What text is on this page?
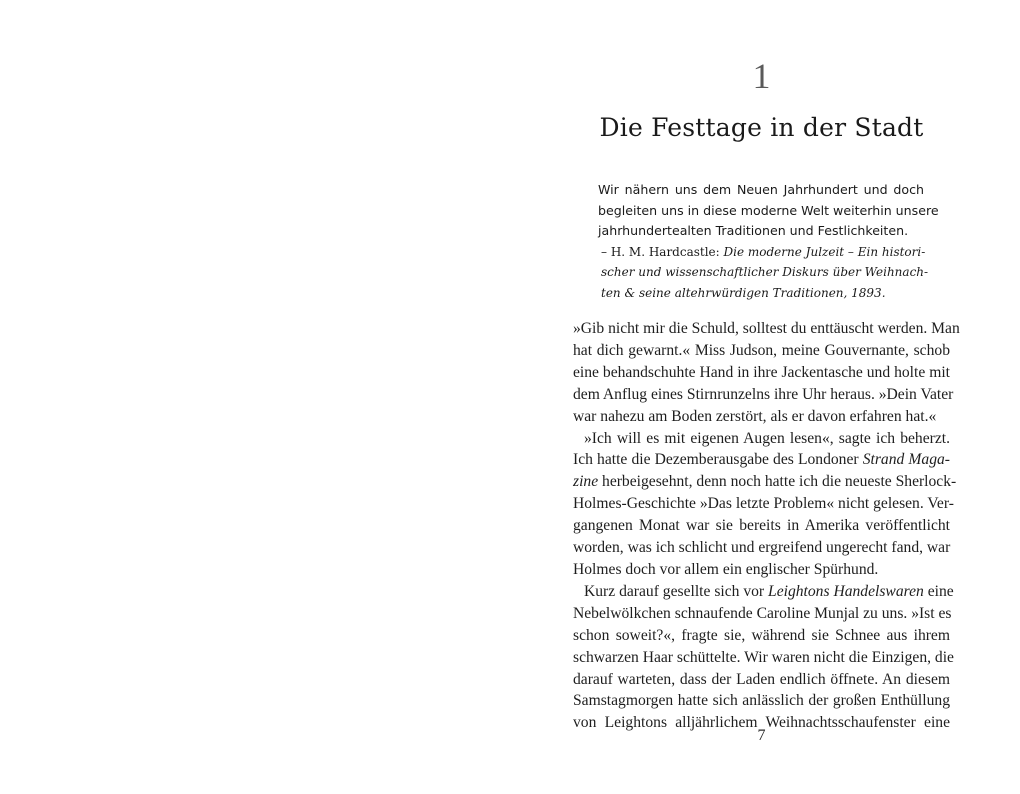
1
Die Festtage in der Stadt
Wir nähern uns dem Neuen Jahrhundert und doch
begleiten uns in diese moderne Welt weiterhin unsere
jahrhundertealten Traditionen und Festlichkeiten.
– H. M. Hardcastle: Die moderne Julzeit – Ein histori-
scher und wissenschaftlicher Diskurs über Weihnach-
ten & seine altehrwürdigen Traditionen, 1893.
»Gib nicht mir die Schuld, solltest du enttäuscht werden. Man
hat dich gewarnt.« Miss Judson, meine Gouvernante, schob
eine behandschuhte Hand in ihre Jackentasche und holte mit
dem Anflug eines Stirnrunzelns ihre Uhr heraus. »Dein Vater
war nahezu am Boden zerstört, als er davon erfahren hat.«
»Ich will es mit eigenen Augen lesen«, sagte ich beherzt.
Ich hatte die Dezemberausgabe des Londoner Strand Maga-
zine herbeigesehnt, denn noch hatte ich die neueste Sherlock-
Holmes-Geschichte »Das letzte Problem« nicht gelesen. Ver-
gangenen Monat war sie bereits in Amerika veröffentlicht
worden, was ich schlicht und ergreifend ungerecht fand, war
Holmes doch vor allem ein englischer Spürhund.
Kurz darauf gesellte sich vor Leightons Handelswaren eine
Nebelwölkchen schnaufende Caroline Munjal zu uns. »Ist es
schon soweit?«, fragte sie, während sie Schnee aus ihrem
schwarzen Haar schüttelte. Wir waren nicht die Einzigen, die
darauf warteten, dass der Laden endlich öffnete. An diesem
Samstagmorgen hatte sich anlässlich der großen Enthüllung
von Leightons alljährlichem Weihnachtsschaufenster eine
7
